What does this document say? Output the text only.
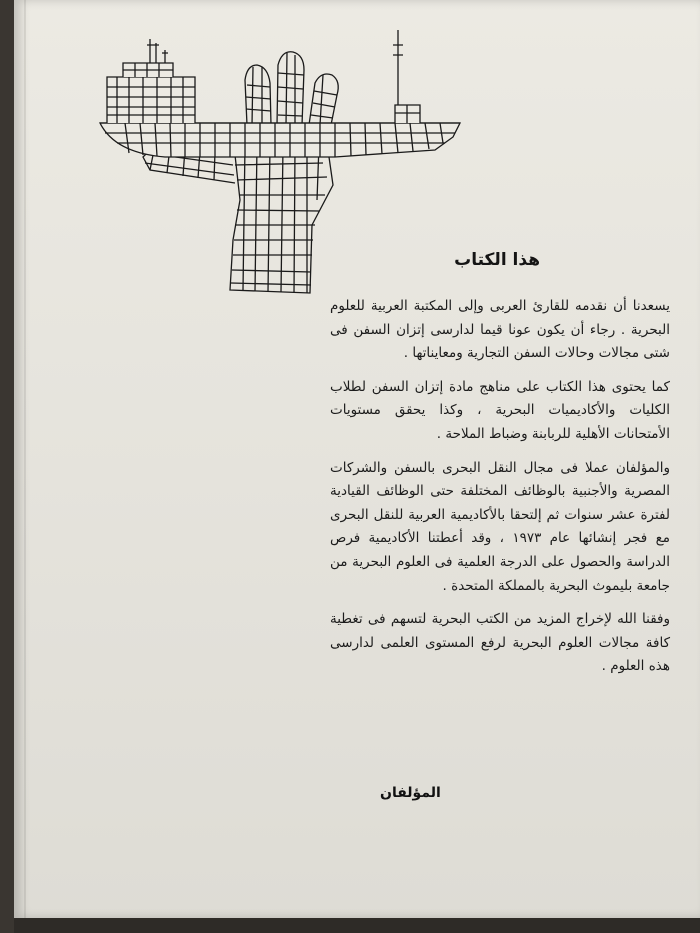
هذا الكتاب

يسعدنا أن نقدمه للقارئ العربى وإلى المكتبة العربية للعلوم البحرية . رجاء أن يكون عونا قيما لدارسى إتزان السفن فى شتى مجالات وحالات السفن التجارية ومعايناتها .

كما يحتوى هذا الكتاب على مناهج مادة إتزان السفن لطلاب الكليات والأكاديميات البحرية ، وكذا يحقق مستويات الأمتحانات الأهلية للربابنة وضباط الملاحة .

والمؤلفان عملا فى مجال النقل البحرى بالسفن والشركات المصرية والأجنبية بالوظائف المختلفة حتى الوظائف القيادية لفترة عشر سنوات ثم إلتحقا بالأكاديمية العربية للنقل البحرى مع فجر إنشائها عام ١٩٧٣ ، وقد أعطتنا الأكاديمية فرص الدراسة والحصول على الدرجة العلمية فى العلوم البحرية من جامعة بليموث البحرية بالمملكة المتحدة .

وفقنا الله لإخراج المزيد من الكتب البحرية لتسهم فى تغطية كافة مجالات العلوم البحرية لرفع المستوى العلمى لدارسى هذه العلوم .

المؤلفان
